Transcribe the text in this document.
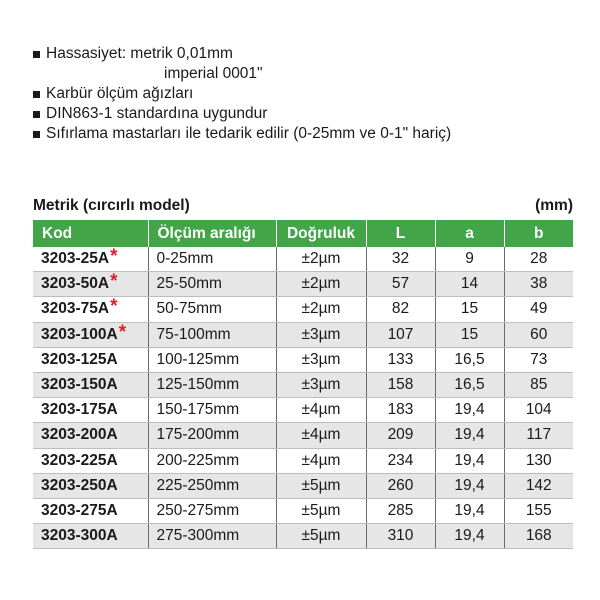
Hassasiyet: metrik 0,01mm
imperial 0001"
Karbür ölçüm ağızları
DIN863-1 standardına uygundur
Sıfırlama mastarları ile tedarik edilir (0-25mm ve 0-1" hariç)
Metrik (cırcırlı model)	(mm)
Kod	Ölçüm aralığı	Doğruluk	L	a	b
3203-25A*	0-25mm	±2µm	32	9	28
3203-50A*	25-50mm	±2µm	57	14	38
3203-75A*	50-75mm	±2µm	82	15	49
3203-100A*	75-100mm	±3µm	107	15	60
3203-125A	100-125mm	±3µm	133	16,5	73
3203-150A	125-150mm	±3µm	158	16,5	85
3203-175A	150-175mm	±4µm	183	19,4	104
3203-200A	175-200mm	±4µm	209	19,4	117
3203-225A	200-225mm	±4µm	234	19,4	130
3203-250A	225-250mm	±5µm	260	19,4	142
3203-275A	250-275mm	±5µm	285	19,4	155
3203-300A	275-300mm	±5µm	310	19,4	168
